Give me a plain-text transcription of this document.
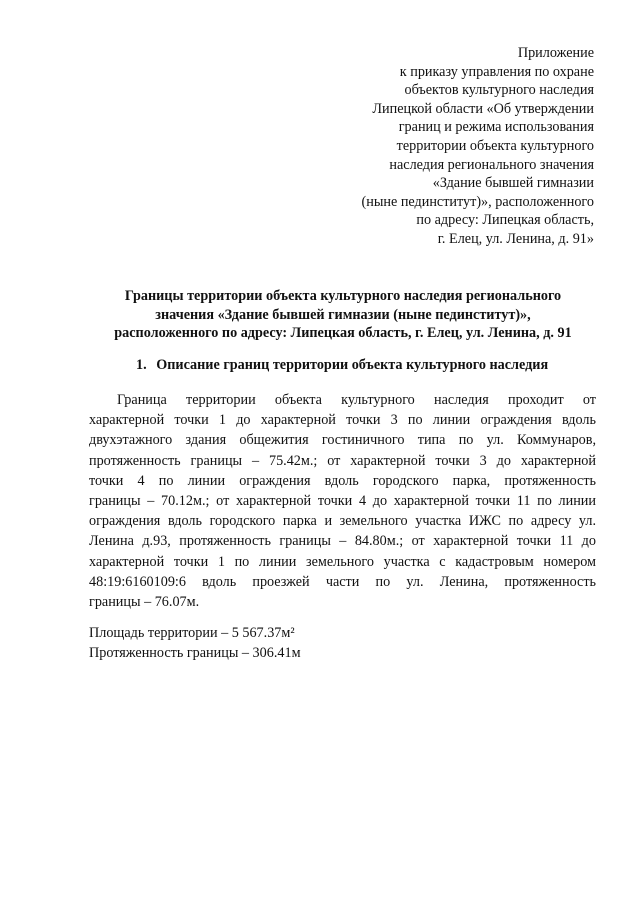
Приложение
к приказу управления по охране
объектов культурного наследия
Липецкой области «Об утверждении
границ и режима использования
территории объекта культурного
наследия регионального значения
«Здание бывшей гимназии
(ныне пединститут)», расположенного
по адресу: Липецкая область,
г. Елец, ул. Ленина, д. 91»
Границы территории объекта культурного наследия регионального
значения «Здание бывшей гимназии (ныне пединститут)»,
расположенного по адресу: Липецкая область, г. Елец, ул. Ленина, д. 91
1. Описание границ территории объекта культурного наследия
Граница территории объекта культурного наследия проходит от
характерной точки 1 до характерной точки 3 по линии ограждения вдоль
двухэтажного здания общежития гостиничного типа по ул. Коммунаров,
протяженность границы – 75.42м.; от характерной точки 3 до характерной
точки 4 по линии ограждения вдоль городского парка, протяженность
границы – 70.12м.; от характерной точки 4 до характерной точки 11 по линии
ограждения вдоль городского парка и земельного участка ИЖС по адресу ул.
Ленина д.93, протяженность границы – 84.80м.; от характерной точки 11 до
характерной точки 1 по линии земельного участка с кадастровым номером
48:19:6160109:6 вдоль проезжей части по ул. Ленина, протяженность
границы – 76.07м.
Площадь территории – 5 567.37м²
Протяженность границы – 306.41м
